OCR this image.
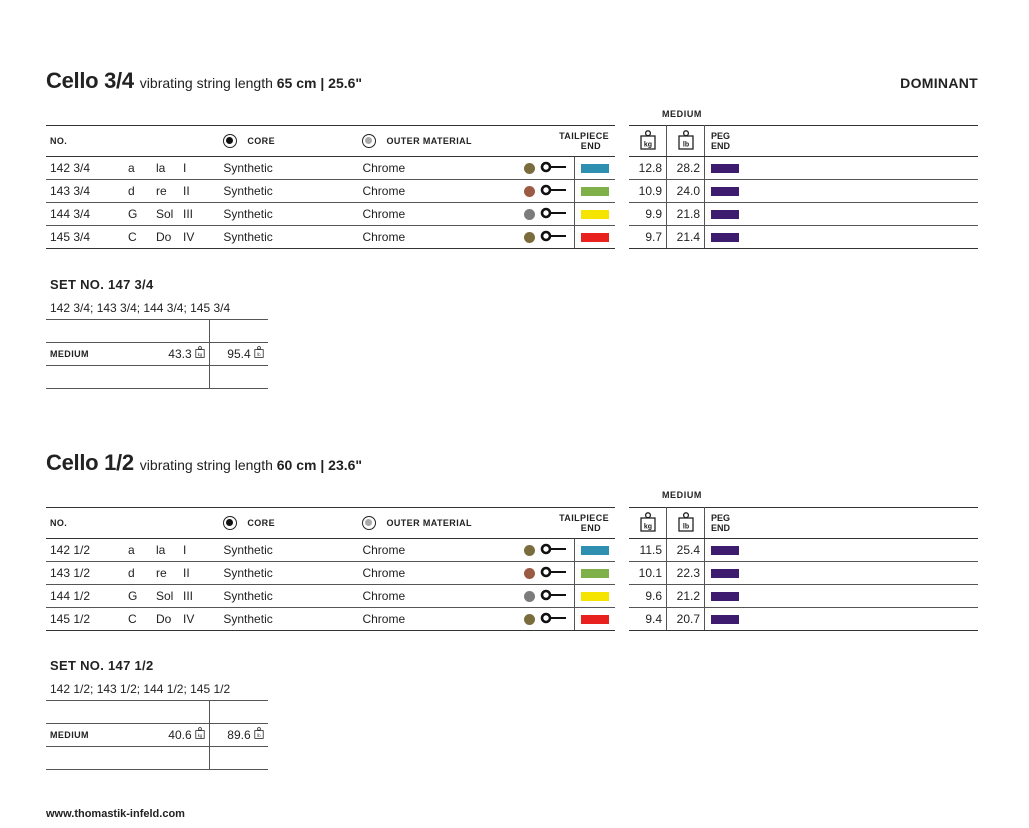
DOMINANT
Cello 3/4 vibrating string length 65 cm | 25.6"
MEDIUM
NO.	CORE	OUTER MATERIAL	TAILPIECE
END	
142 3/4 a la I	Synthetic	Chrome		
143 3/4 d re II	Synthetic	Chrome		
144 3/4 G Sol III	Synthetic	Chrome		
145 3/4 C Do IV	Synthetic	Chrome		
kg	lb	PEG
END
12.8	28.2	
10.9	24.0	
9.9	21.8	
9.7	21.4	
SET NO. 147 3/4
142 3/4; 143 3/4; 144 3/4; 145 3/4
MEDIUM	43.3 kg	95.4 lb
Cello 1/2 vibrating string length 60 cm | 23.6"
MEDIUM
NO.	CORE	OUTER MATERIAL	TAILPIECE
END	
142 1/2 a la I	Synthetic	Chrome		
143 1/2 d re II	Synthetic	Chrome		
144 1/2 G Sol III	Synthetic	Chrome		
145 1/2 C Do IV	Synthetic	Chrome		
kg	lb	PEG
END
11.5	25.4	
10.1	22.3	
9.6	21.2	
9.4	20.7	
SET NO. 147 1/2
142 1/2; 143 1/2; 144 1/2; 145 1/2
MEDIUM	40.6 kg	89.6 lb
www.thomastik-infeld.com
